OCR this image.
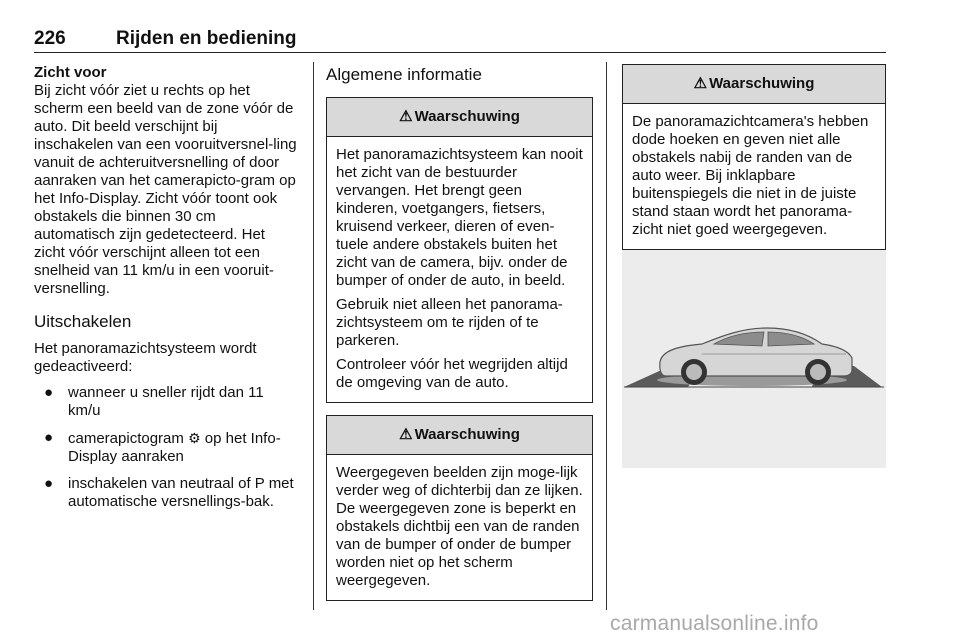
226	Rijden en bediening
Zicht voor

Bij zicht vóór ziet u rechts op het scherm een beeld van de zone vóór de auto. Dit beeld verschijnt bij inschakelen van een vooruitversnel-ling vanuit de achteruitversnelling of door aanraken van het camerapicto-gram op het Info-Display. Zicht vóór toont ook obstakels die binnen 30 cm automatisch zijn gedetecteerd. Het zicht vóór verschijnt alleen tot een snelheid van 11 km/u in een vooruit-versnelling.

Uitschakelen

Het panoramazichtsysteem wordt gedeactiveerd:

● wanneer u sneller rijdt dan 11 km/u
● camerapictogram ⚙ op het Info-Display aanraken
● inschakelen van neutraal of P met automatische versnellings-bak.
Algemene informatie
⚠ Waarschuwing

Het panoramazichtsysteem kan nooit het zicht van de bestuurder vervangen. Het brengt geen kinderen, voetgangers, fietsers, kruisend verkeer, dieren of even-tuele andere obstakels buiten het zicht van de camera, bijv. onder de bumper of onder de auto, in beeld.

Gebruik niet alleen het panorama-zichtsysteem om te rijden of te parkeren.

Controleer vóór het wegrijden altijd de omgeving van de auto.

⚠ Waarschuwing

Weergegeven beelden zijn moge-lijk verder weg of dichterbij dan ze lijken. De weergegeven zone is beperkt en obstakels dichtbij een van de randen van de bumper of onder de bumper worden niet op het scherm weergegeven.

⚠ Waarschuwing

De panoramazichtcamera's hebben dode hoeken en geven niet alle obstakels nabij de randen van de auto weer. Bij inklapbare buitenspiegels die niet in de juiste stand staan wordt het panorama-zicht niet goed weergegeven.

carmanualsonline.info
